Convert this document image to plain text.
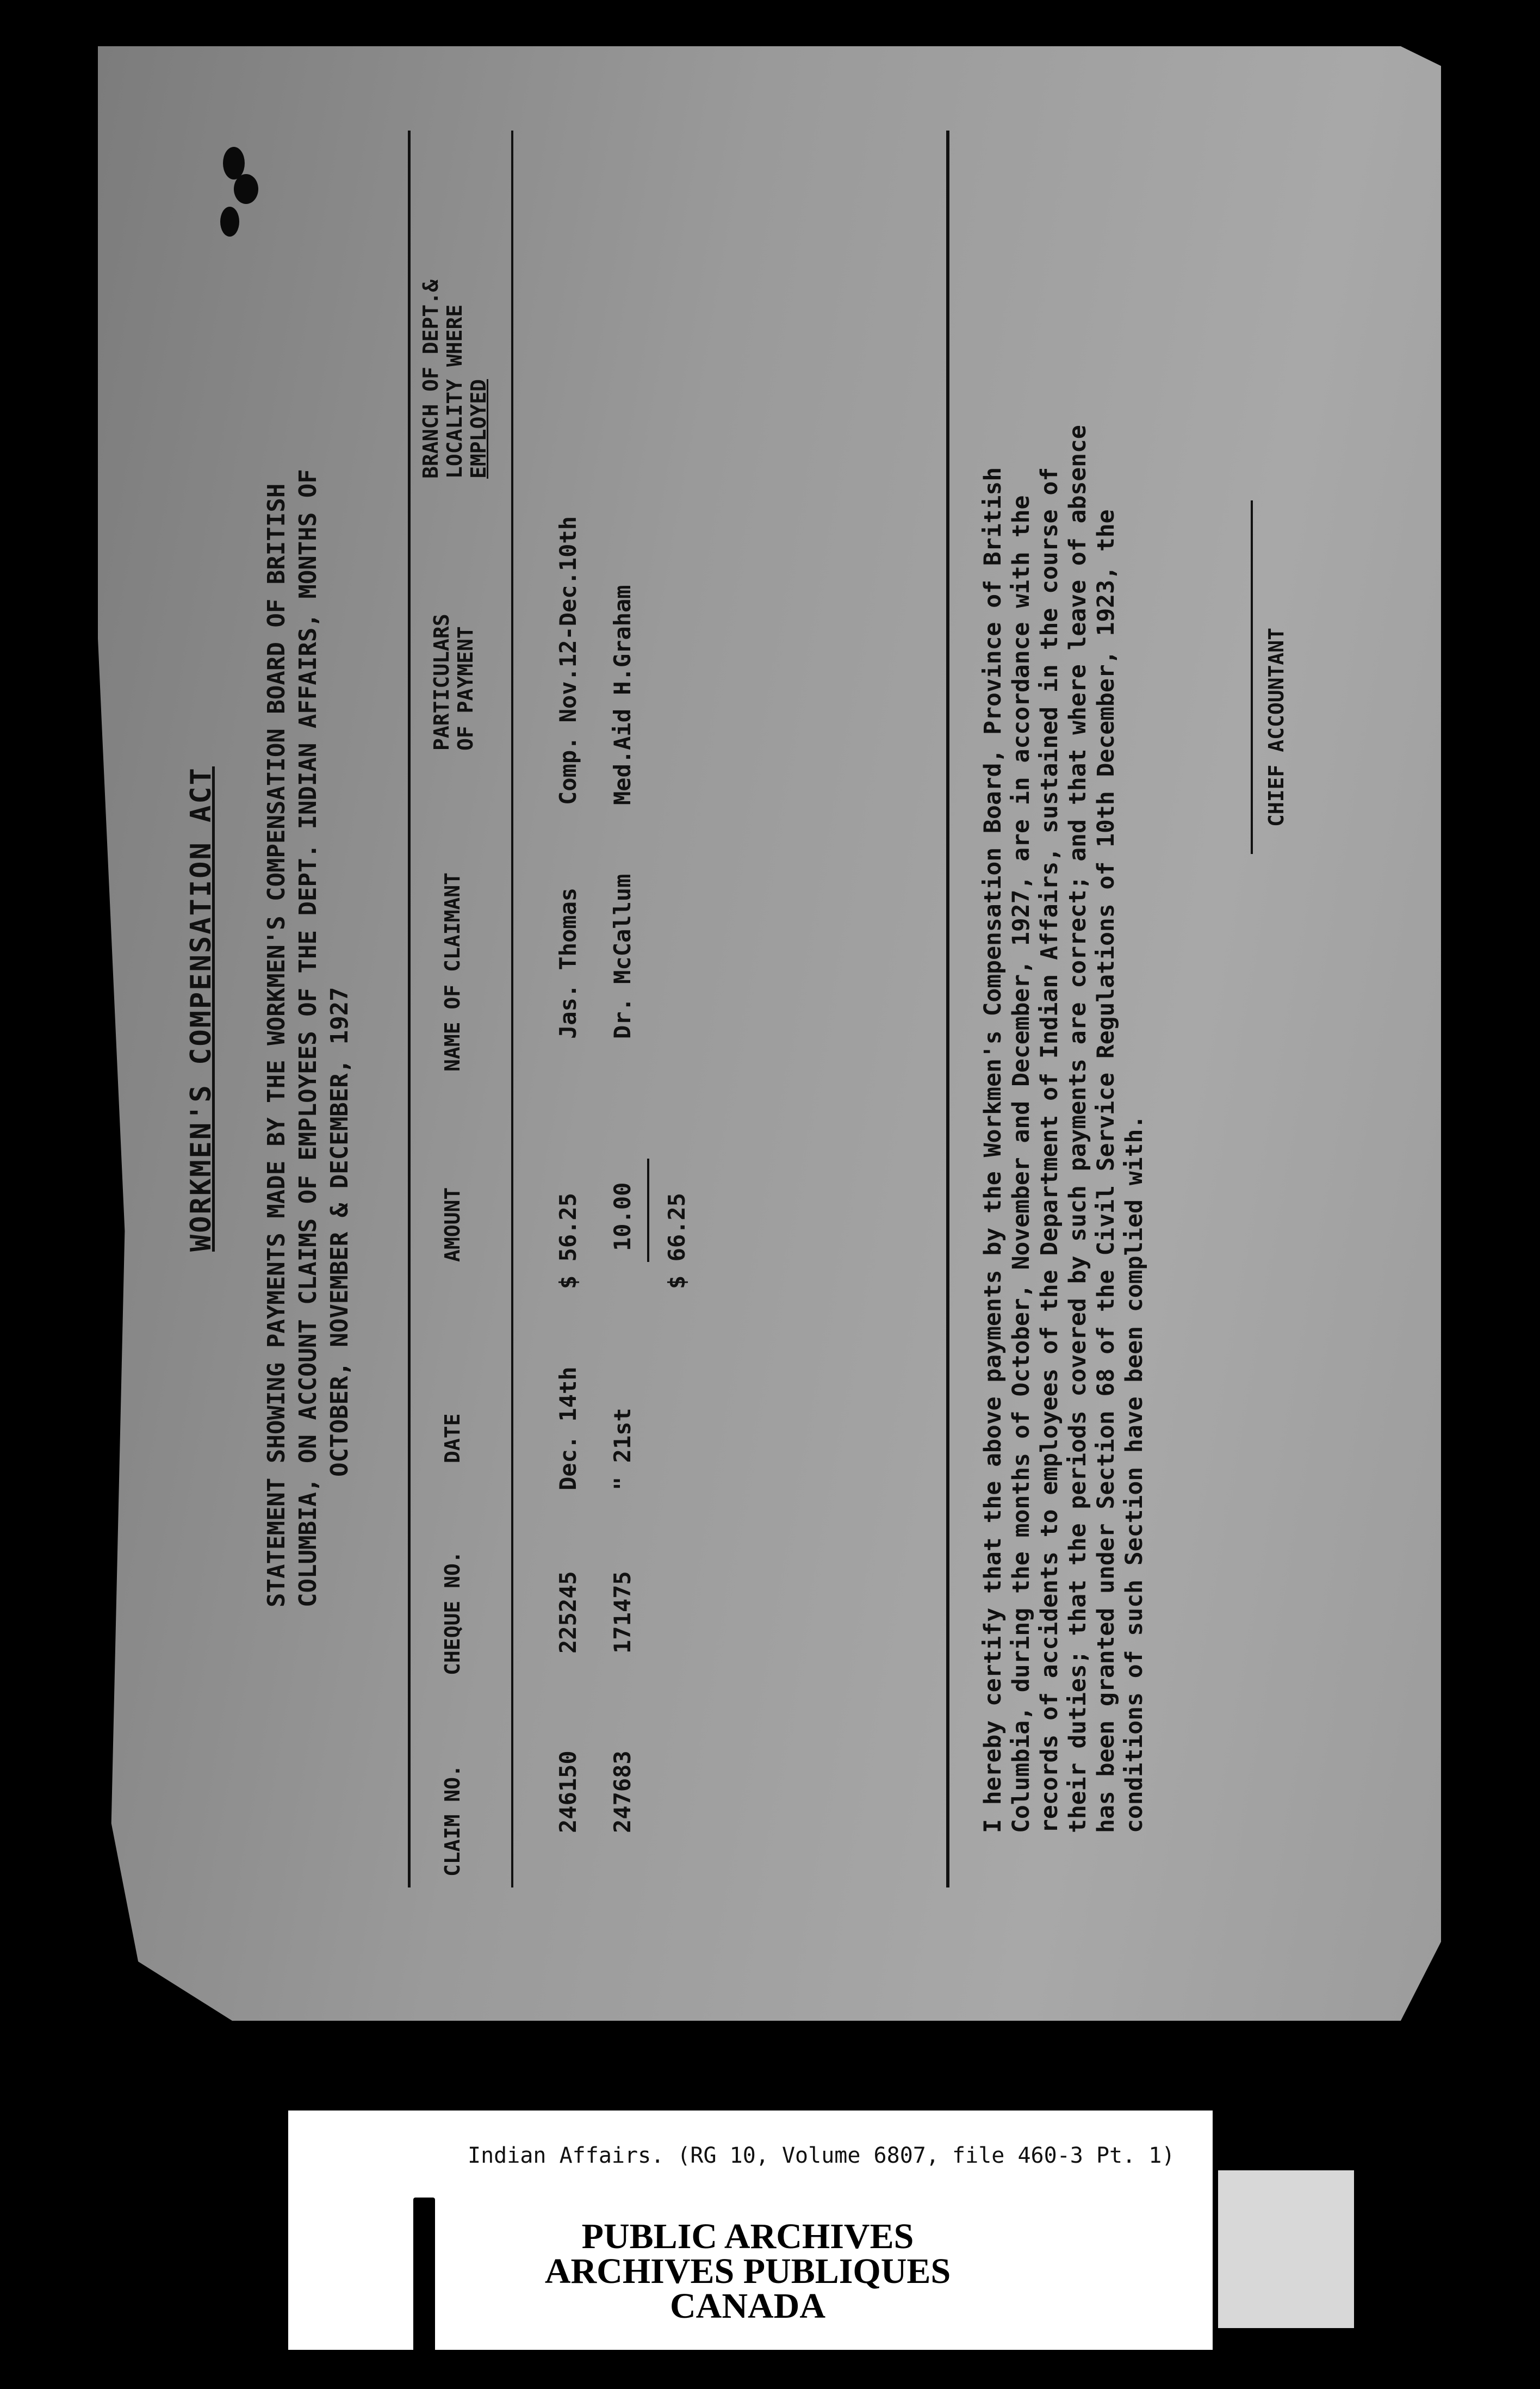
WORKMEN'S COMPENSATION ACT STATEMENT SHOWING PAYMENTS MADE BY THE WORKMEN'S COMPENSATION BOARD OF BRITISH COLUMBIA, ON ACCOUNT CLAIMS OF EMPLOYEES OF THE DEPT. INDIAN AFFAIRS, MONTHS OF OCTOBER, NOVEMBER & DECEMBER, 1927
CLAIM NO.
CHEQUE NO.
DATE
AMOUNT
NAME OF CLAIMANT
PARTICULARS OF PAYMENT
BRANCH OF DEPT.& LOCALITY WHERE EMPLOYED
246150
225245
Dec. 14th
$ 56.25
Jas. Thomas
Comp. Nov.12-Dec.10th
247683
171475
" 21st
10.00
Dr. McCallum
Med.Aid H.Graham
$ 66.25	I hereby certify that the above payments by the Workmen's Compensation Board, Province of British Columbia, during the months of October, November and December, 1927, are in accordance with the records of accidents to employees of the Department of Indian Affairs, sustained in the course of their duties; that the periods covered by such payments are correct; and that where leave of absence has been granted under Section 68 of the Civil Service Regulations of 10th December, 1923, the conditions of such Section have been complied with.
CHIEF ACCOUNTANT
Indian Affairs. (RG 10, Volume 6807, file 460-3 Pt. 1)
PUBLIC ARCHIVES
ARCHIVES PUBLIQUES
CANADA
